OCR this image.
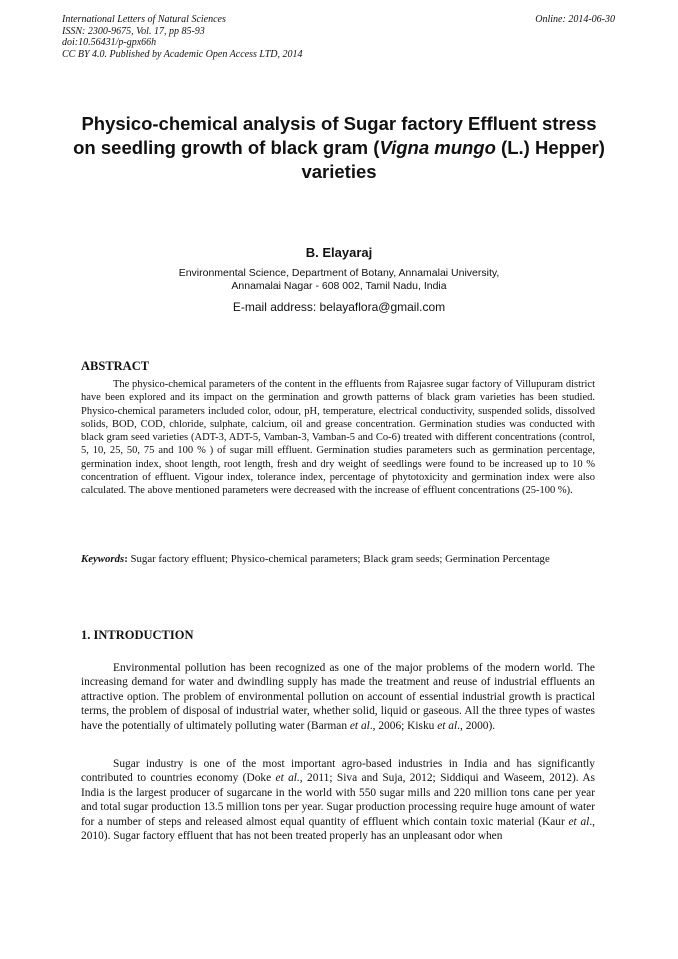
International Letters of Natural Sciences
ISSN: 2300-9675, Vol. 17, pp 85-93
doi:10.56431/p-gpx66h
CC BY 4.0. Published by Academic Open Access LTD, 2014
Online: 2014-06-30
Physico-chemical analysis of Sugar factory Effluent stress on seedling growth of black gram (Vigna mungo (L.) Hepper) varieties
B. Elayaraj
Environmental Science, Department of Botany, Annamalai University,
Annamalai Nagar - 608 002, Tamil Nadu, India
E-mail address: belayaflora@gmail.com
ABSTRACT
The physico-chemical parameters of the content in the effluents from Rajasree sugar factory of Villupuram district have been explored and its impact on the germination and growth patterns of black gram varieties has been studied. Physico-chemical parameters included color, odour, pH, temperature, electrical conductivity, suspended solids, dissolved solids, BOD, COD, chloride, sulphate, calcium, oil and grease concentration. Germination studies was conducted with black gram seed varieties (ADT-3, ADT-5, Vamban-3, Vamban-5 and Co-6) treated with different concentrations (control, 5, 10, 25, 50, 75 and 100 % ) of sugar mill effluent. Germination studies parameters such as germination percentage, germination index, shoot length, root length, fresh and dry weight of seedlings were found to be increased up to 10 % concentration of effluent. Vigour index, tolerance index, percentage of phytotoxicity and germination index were also calculated. The above mentioned parameters were decreased with the increase of effluent concentrations (25-100 %).
Keywords: Sugar factory effluent; Physico-chemical parameters; Black gram seeds; Germination Percentage
1. INTRODUCTION
Environmental pollution has been recognized as one of the major problems of the modern world. The increasing demand for water and dwindling supply has made the treatment and reuse of industrial effluents an attractive option. The problem of environmental pollution on account of essential industrial growth is practical terms, the problem of disposal of industrial water, whether solid, liquid or gaseous. All the three types of wastes have the potentially of ultimately polluting water (Barman et al., 2006; Kisku et al., 2000).
Sugar industry is one of the most important agro-based industries in India and has significantly contributed to countries economy (Doke et al., 2011; Siva and Suja, 2012; Siddiqui and Waseem, 2012). As India is the largest producer of sugarcane in the world with 550 sugar mills and 220 million tons cane per year and total sugar production 13.5 million tons per year. Sugar production processing require huge amount of water for a number of steps and released almost equal quantity of effluent which contain toxic material (Kaur et al., 2010). Sugar factory effluent that has not been treated properly has an unpleasant odor when
